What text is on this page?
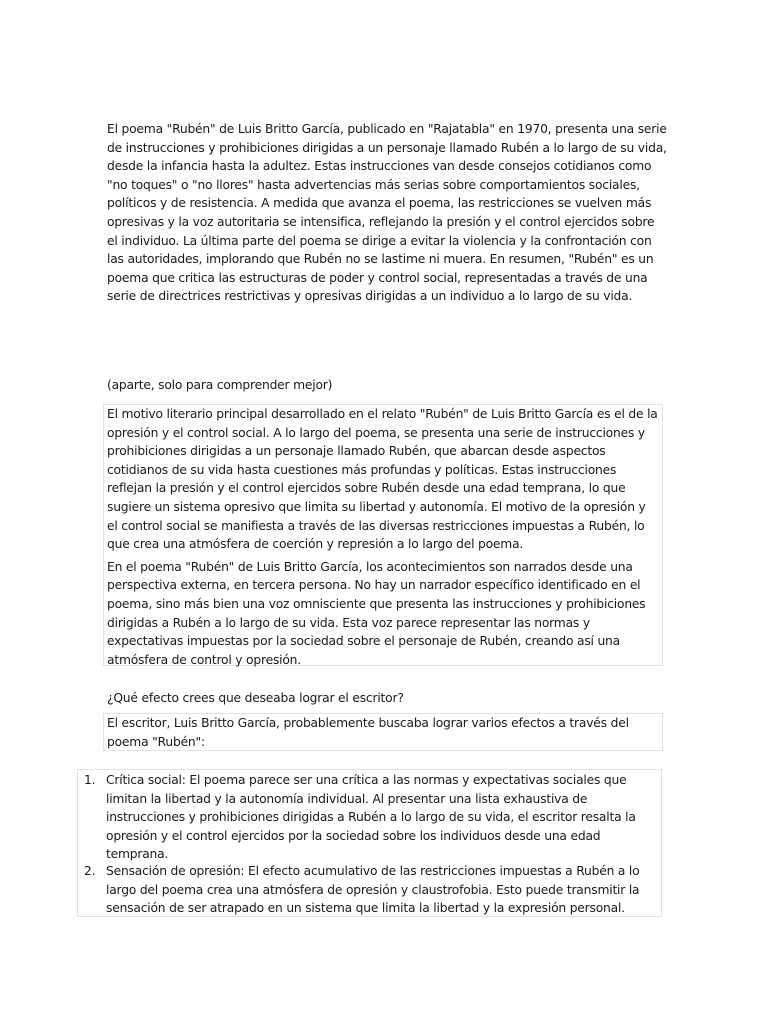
El poema "Rubén" de Luis Britto García, publicado en "Rajatabla" en 1970, presenta una serie de instrucciones y prohibiciones dirigidas a un personaje llamado Rubén a lo largo de su vida, desde la infancia hasta la adultez. Estas instrucciones van desde consejos cotidianos como "no toques" o "no llores" hasta advertencias más serias sobre comportamientos sociales, políticos y de resistencia. A medida que avanza el poema, las restricciones se vuelven más opresivas y la voz autoritaria se intensifica, reflejando la presión y el control ejercidos sobre el individuo. La última parte del poema se dirige a evitar la violencia y la confrontación con las autoridades, implorando que Rubén no se lastime ni muera. En resumen, "Rubén" es un poema que critica las estructuras de poder y control social, representadas a través de una serie de directrices restrictivas y opresivas dirigidas a un individuo a lo largo de su vida.

(aparte, solo para comprender mejor)

El motivo literario principal desarrollado en el relato "Rubén" de Luis Britto García es el de la opresión y el control social. A lo largo del poema, se presenta una serie de instrucciones y prohibiciones dirigidas a un personaje llamado Rubén, que abarcan desde aspectos cotidianos de su vida hasta cuestiones más profundas y políticas. Estas instrucciones reflejan la presión y el control ejercidos sobre Rubén desde una edad temprana, lo que sugiere un sistema opresivo que limita su libertad y autonomía. El motivo de la opresión y el control social se manifiesta a través de las diversas restricciones impuestas a Rubén, lo que crea una atmósfera de coerción y represión a lo largo del poema.

En el poema "Rubén" de Luis Britto García, los acontecimientos son narrados desde una perspectiva externa, en tercera persona. No hay un narrador específico identificado en el poema, sino más bien una voz omnisciente que presenta las instrucciones y prohibiciones dirigidas a Rubén a lo largo de su vida. Esta voz parece representar las normas y expectativas impuestas por la sociedad sobre el personaje de Rubén, creando así una atmósfera de control y opresión.

¿Qué efecto crees que deseaba lograr el escritor?

El escritor, Luis Britto García, probablemente buscaba lograr varios efectos a través del poema "Rubén":

1. Crítica social: El poema parece ser una crítica a las normas y expectativas sociales que limitan la libertad y la autonomía individual. Al presentar una lista exhaustiva de instrucciones y prohibiciones dirigidas a Rubén a lo largo de su vida, el escritor resalta la opresión y el control ejercidos por la sociedad sobre los individuos desde una edad temprana.

2. Sensación de opresión: El efecto acumulativo de las restricciones impuestas a Rubén a lo largo del poema crea una atmósfera de opresión y claustrofobia. Esto puede transmitir la sensación de ser atrapado en un sistema que limita la libertad y la expresión personal.
